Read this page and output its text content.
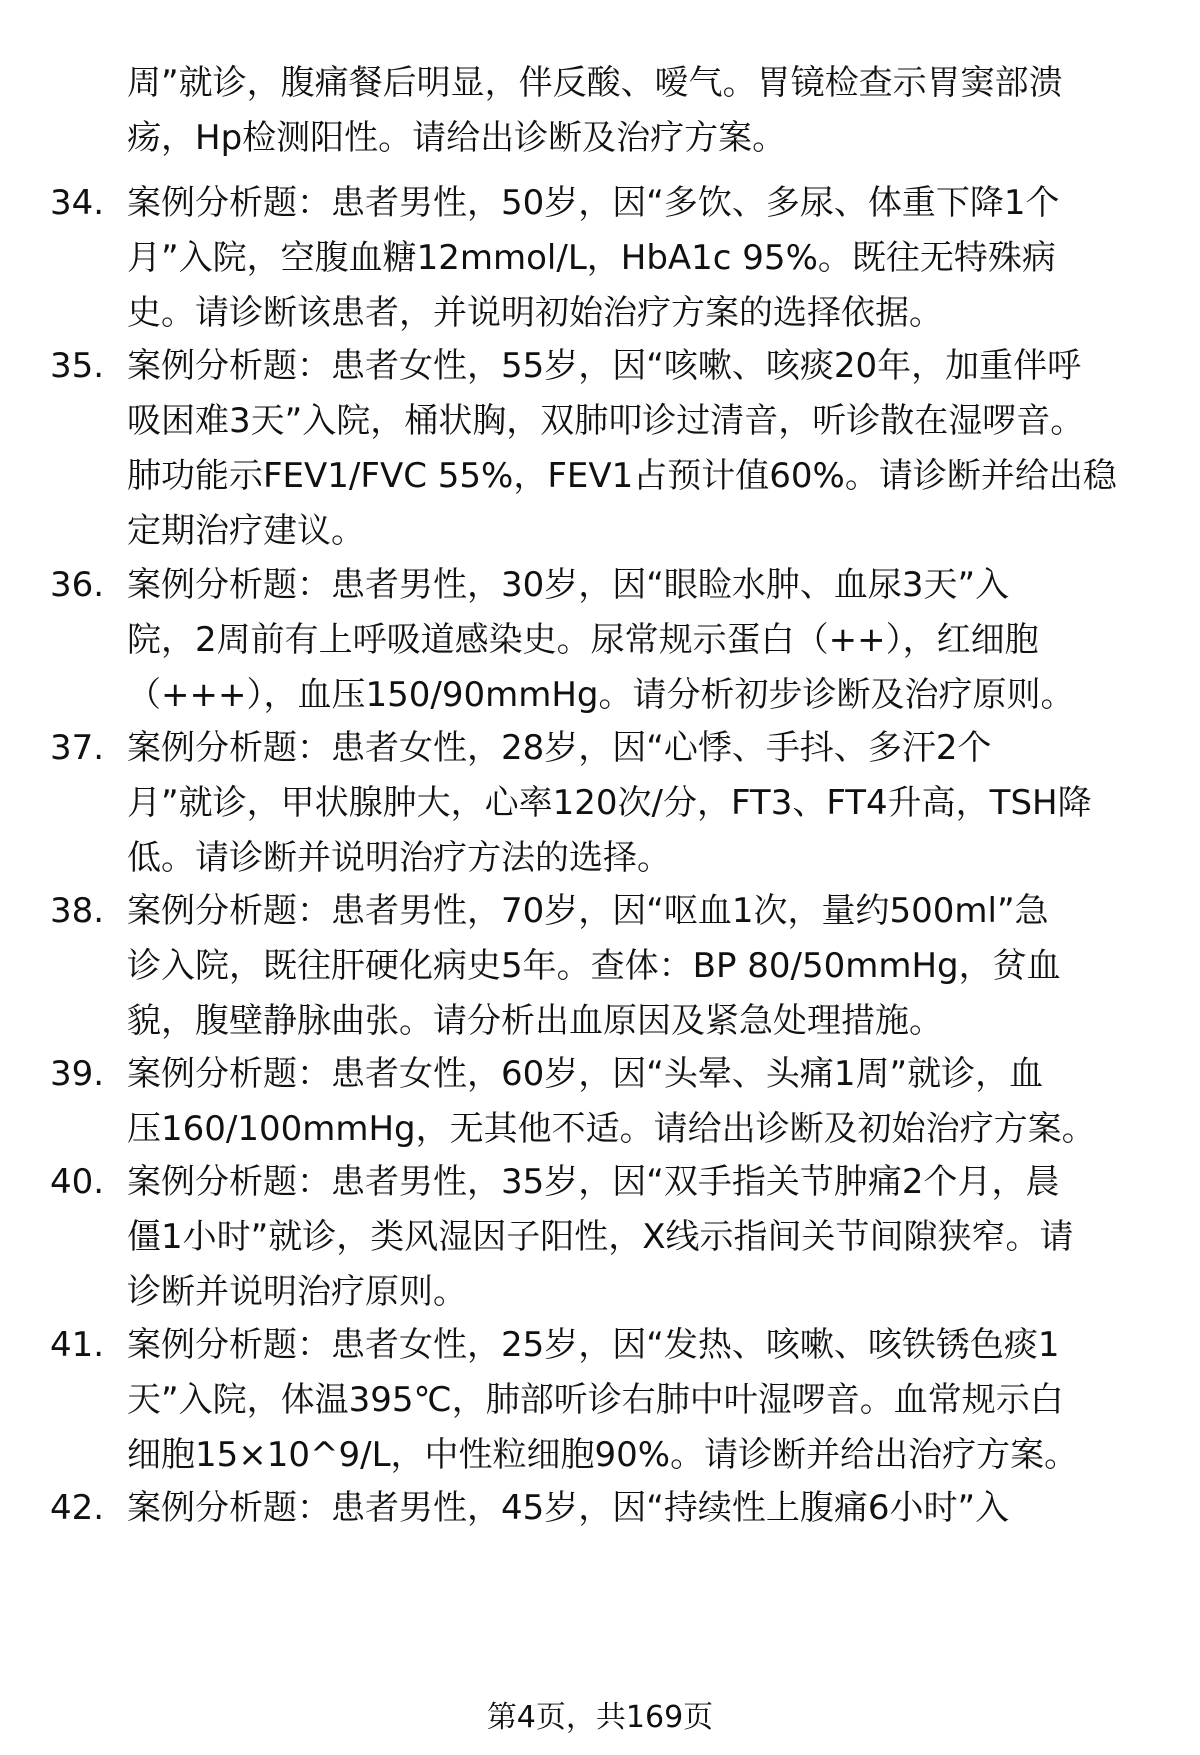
周”就诊，腹痛餐后明显，伴反酸、嗳气。胃镜检查示胃窦部溃
疡，Hp检测阳性。请给出诊断及治疗方案。
34. 案例分析题：患者男性，50岁，因“多饮、多尿、体重下降1个
月”入院，空腹血糖12mmol/L，HbA1c 95%。既往无特殊病
史。请诊断该患者，并说明初始治疗方案的选择依据。
35. 案例分析题：患者女性，55岁，因“咳嗽、咳痰20年，加重伴呼
吸困难3天”入院，桶状胸，双肺叩诊过清音，听诊散在湿啰音。
肺功能示FEV1/FVC 55%，FEV1占预计值60%。请诊断并给出稳
定期治疗建议。
36. 案例分析题：患者男性，30岁，因“眼睑水肿、血尿3天”入
院，2周前有上呼吸道感染史。尿常规示蛋白（++），红细胞
（+++），血压150/90mmHg。请分析初步诊断及治疗原则。
37. 案例分析题：患者女性，28岁，因“心悸、手抖、多汗2个
月”就诊，甲状腺肿大，心率120次/分，FT3、FT4升高，TSH降
低。请诊断并说明治疗方法的选择。
38. 案例分析题：患者男性，70岁，因“呕血1次，量约500ml”急
诊入院，既往肝硬化病史5年。查体：BP 80/50mmHg，贫血
貌，腹壁静脉曲张。请分析出血原因及紧急处理措施。
39. 案例分析题：患者女性，60岁，因“头晕、头痛1周”就诊，血
压160/100mmHg，无其他不适。请给出诊断及初始治疗方案。
40. 案例分析题：患者男性，35岁，因“双手指关节肿痛2个月，晨
僵1小时”就诊，类风湿因子阳性，X线示指间关节间隙狭窄。请
诊断并说明治疗原则。
41. 案例分析题：患者女性，25岁，因“发热、咳嗽、咳铁锈色痰1
天”入院，体温395℃，肺部听诊右肺中叶湿啰音。血常规示白
细胞15×10^9/L，中性粒细胞90%。请诊断并给出治疗方案。
42. 案例分析题：患者男性，45岁，因“持续性上腹痛6小时”入
第4页，共169页
